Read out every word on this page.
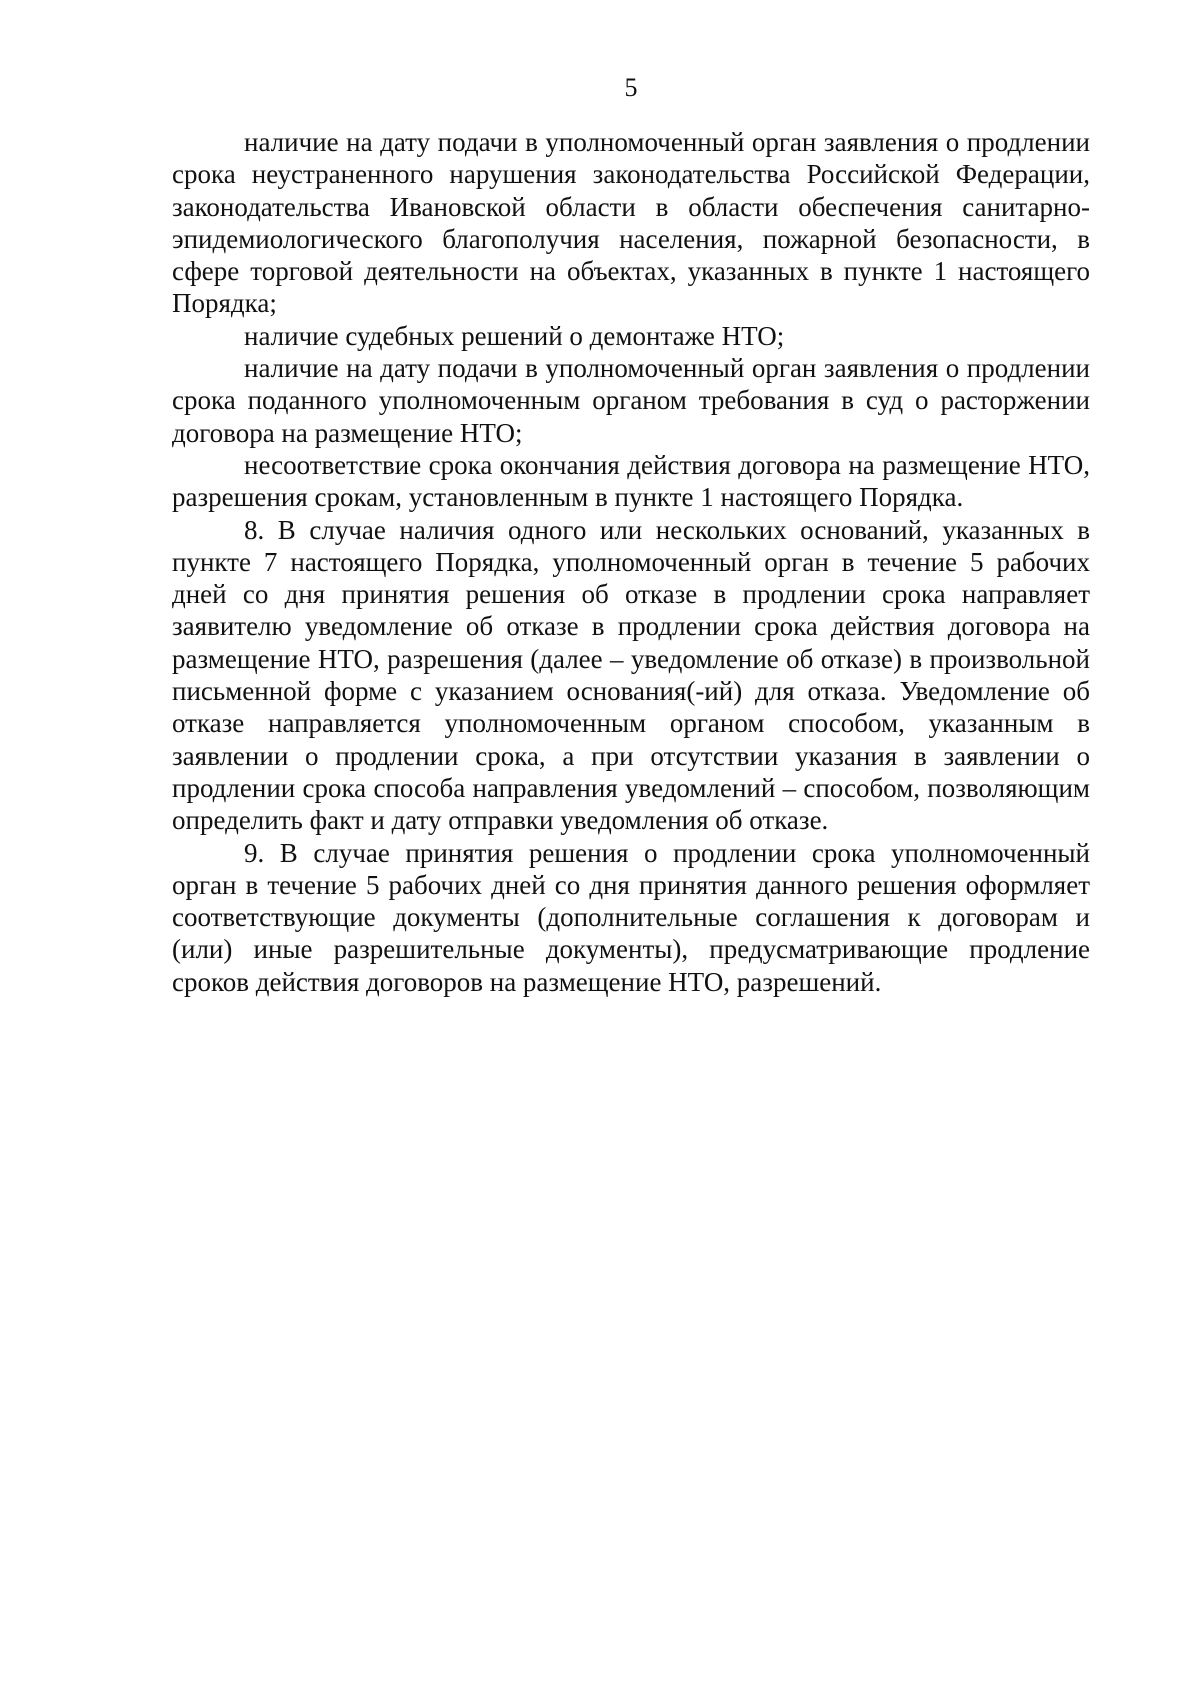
5

наличие на дату подачи в уполномоченный орган заявления о продлении срока неустраненного нарушения законодательства Российской Федерации, законодательства Ивановской области в области обеспечения санитарно-эпидемиологического благополучия населения, пожарной безопасности, в сфере торговой деятельности на объектах, указанных в пункте 1 настоящего Порядка;

наличие судебных решений о демонтаже НТО;

наличие на дату подачи в уполномоченный орган заявления о продлении срока поданного уполномоченным органом требования в суд о расторжении договора на размещение НТО;

несоответствие срока окончания действия договора на размещение НТО, разрешения срокам, установленным в пункте 1 настоящего Порядка.

8. В случае наличия одного или нескольких оснований, указанных в пункте 7 настоящего Порядка, уполномоченный орган в течение 5 рабочих дней со дня принятия решения об отказе в продлении срока направляет заявителю уведомление об отказе в продлении срока действия договора на размещение НТО, разрешения (далее – уведомление об отказе) в произвольной письменной форме с указанием основания(-ий) для отказа. Уведомление об отказе направляется уполномоченным органом способом, указанным в заявлении о продлении срока, а при отсутствии указания в заявлении о продлении срока способа направления уведомлений – способом, позволяющим определить факт и дату отправки уведомления об отказе.

9. В случае принятия решения о продлении срока уполномоченный орган в течение 5 рабочих дней со дня принятия данного решения оформляет соответствующие документы (дополнительные соглашения к договорам и (или) иные разрешительные документы), предусматривающие продление сроков действия договоров на размещение НТО, разрешений.
